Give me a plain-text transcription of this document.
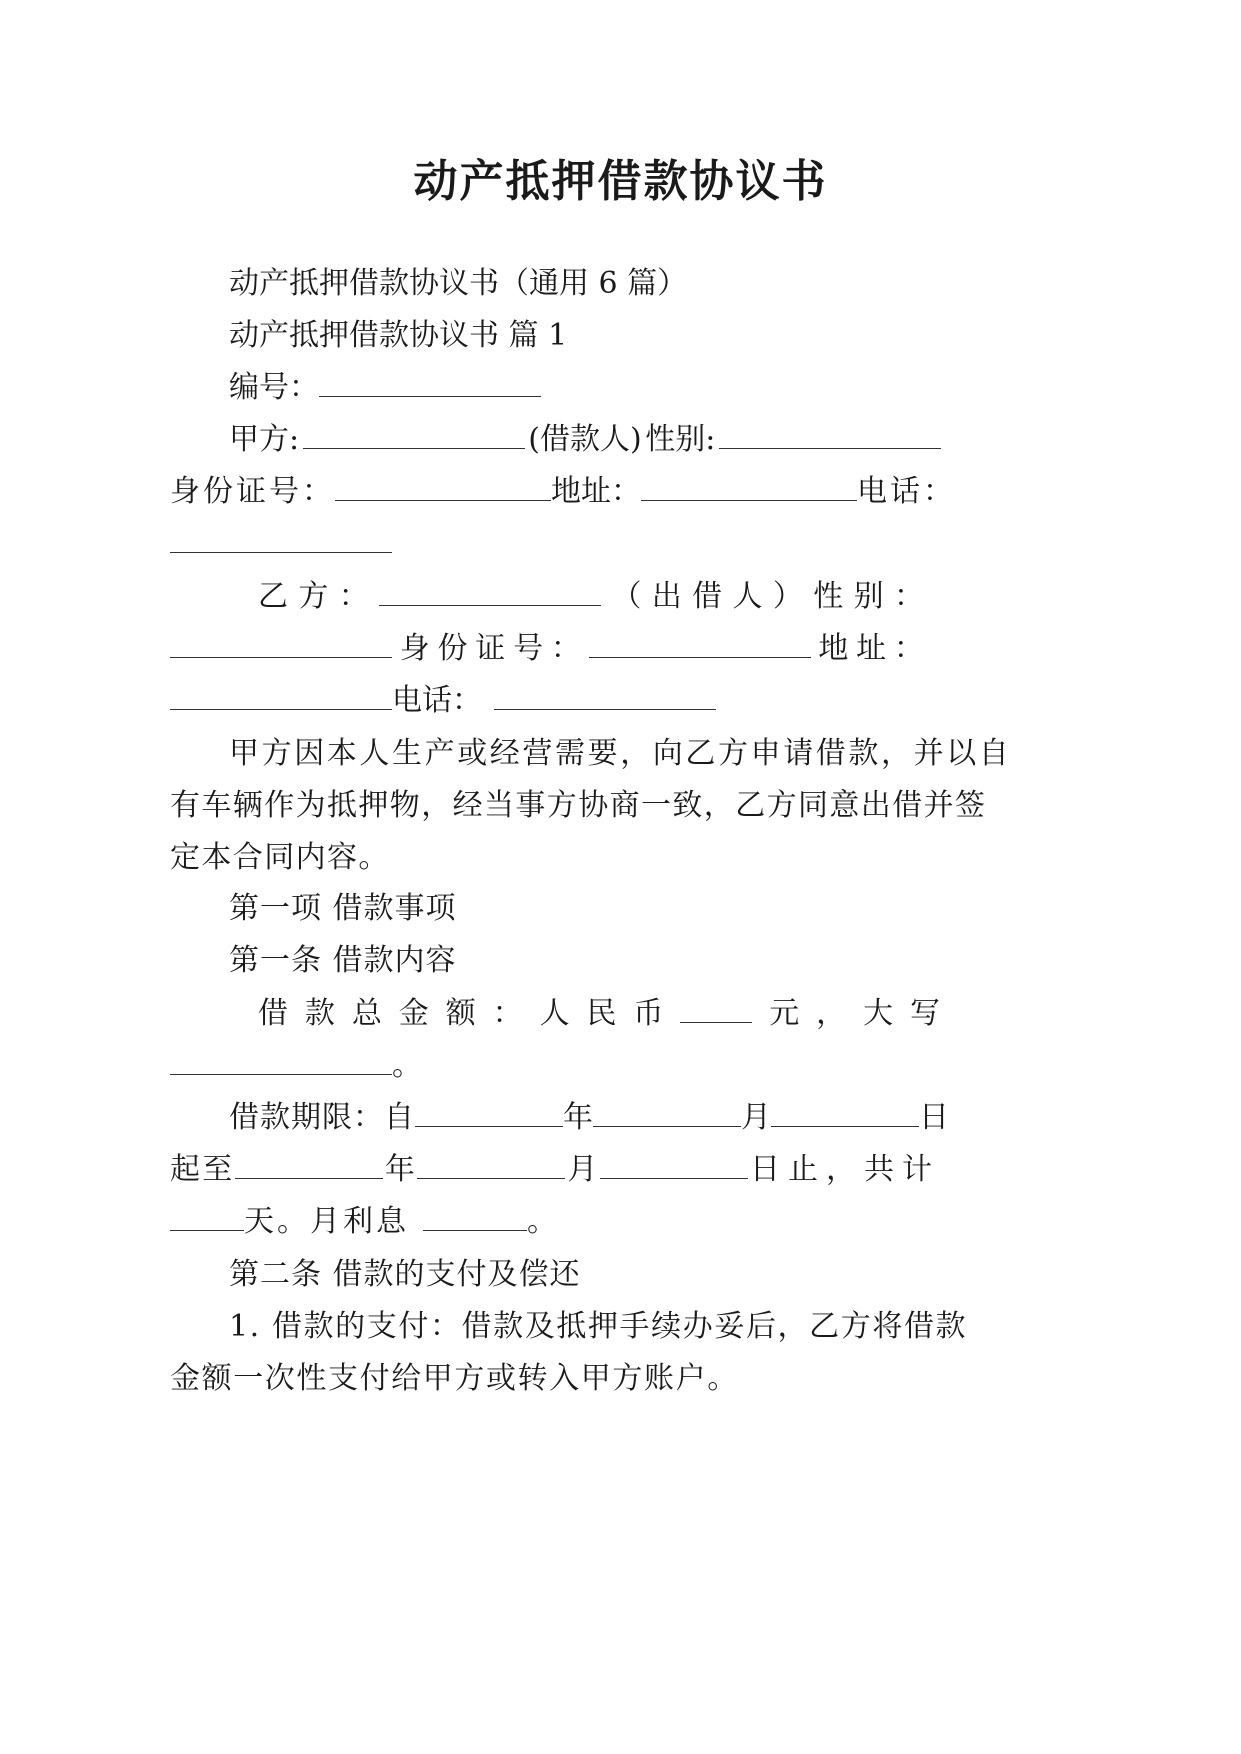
动产抵押借款协议书
动产抵押借款协议书（通用 6 篇）
动产抵押借款协议书 篇 1
编号：
甲方:	(借款人) 性别:
身份证号：	地址：	电话：
乙 方 ：	（ 出 借 人 ） 性 别 ：
身 份 证 号 ：	地 址 ：
电话：
甲方因本人生产或经营需要，向乙方申请借款，并以自
有车辆作为抵押物，经当事方协商一致，乙方同意出借并签
定本合同内容。
第一项 借款事项
第一条 借款内容
借 款 总 金 额 ： 人 民 币	元 ， 大 写
。
借款期限：自	年	月	日
起 至	年	月	日止，共计
天。月利息	。
第二条 借款的支付及偿还
1. 借款的支付：借款及抵押手续办妥后，乙方将借款
金额一次性支付给甲方或转入甲方账户。
